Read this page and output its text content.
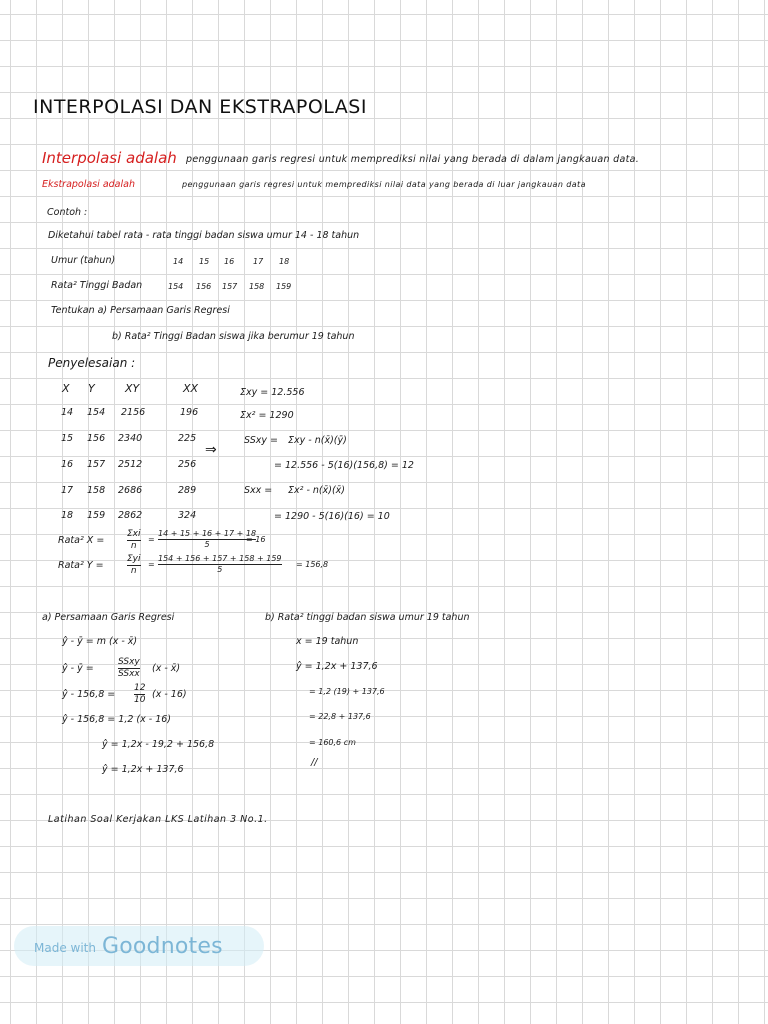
INTERPOLASI DAN EKSTRAPOLASI
Interpolasi adalah penggunaan garis regresi untuk memprediksi nilai yang berada di dalam jangkauan data.
Ekstrapolasi adalah	penggunaan garis regresi untuk memprediksi nilai data yang berada di luar jangkauan data
Contoh :
Diketahui tabel rata - rata tinggi badan siswa umur 14 - 18 tahun
Umur (tahun)	14 15 16 17 18
Rata² Tinggi Badan	154 156 157 158 159
Tentukan a) Persamaan Garis Regresi
b) Rata² Tinggi Badan siswa jika berumur 19 tahun
Penyelesaian :
X Y	XY	XX
14 154 2156	196
15 156 2340	225
16 157 2512	256
17 158 2686	289
18 159 2862	324
Σxy = 12.556
Σx² = 1290
SSxy = Σxy - n(x̄)(ȳ)
⇒
= 12.556 - 5(16)(156,8) = 12
Sxx = Σx² - n(x̄)(x̄)
= 1290 - 5(16)(16) = 10
Rata² X =
Σxi
n
=
14 + 15 + 16 + 17 + 18
5
= 16
Rata² Y =
Σyi
n
=
154 + 156 + 157 + 158 + 159
5
= 156,8
a) Persamaan Garis Regresi
ŷ - ȳ = m (x - x̄)
ŷ - ȳ =
SSxy
SSxx (x - x̄)
ŷ - 156,8 =
12
10 (x - 16)
ŷ - 156,8 = 1,2 (x - 16)
ŷ = 1,2x - 19,2 + 156,8
ŷ = 1,2x + 137,6
b) Rata² tinggi badan siswa umur 19 tahun
x = 19 tahun
ŷ = 1,2x + 137,6
= 1,2 (19) + 137,6
= 22,8 + 137,6
= 160,6 cm
//
Latihan Soal Kerjakan LKS Latihan 3 No.1.
Made with Goodnotes
